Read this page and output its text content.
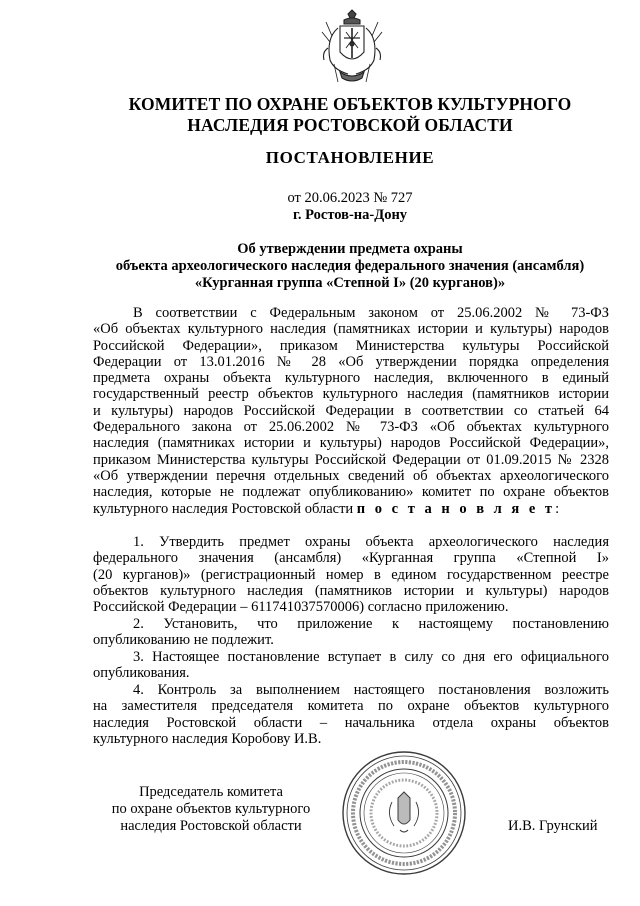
КОМИТЕТ ПО ОХРАНЕ ОБЪЕКТОВ КУЛЬТУРНОГО
НАСЛЕДИЯ РОСТОВСКОЙ ОБЛАСТИ
ПОСТАНОВЛЕНИЕ
от 20.06.2023 № 727
г. Ростов-на-Дону
Об утверждении предмета охраны
объекта археологического наследия федерального значения (ансамбля)
«Курганная группа «Степной I» (20 курганов)»
В соответствии с Федеральным законом от 25.06.2002 № 73-ФЗ
«Об объектах культурного наследия (памятниках истории и культуры) народов
Российской Федерации», приказом Министерства культуры Российской
Федерации от 13.01.2016 № 28 «Об утверждении порядка определения
предмета охраны объекта культурного наследия, включенного в единый
государственный реестр объектов культурного наследия (памятников истории
и культуры) народов Российской Федерации в соответствии со статьей 64
Федерального закона от 25.06.2002 № 73-ФЗ «Об объектах культурного
наследия (памятниках истории и культуры) народов Российской Федерации»,
приказом Министерства культуры Российской Федерации от 01.09.2015 № 2328
«Об утверждении перечня отдельных сведений об объектах археологического
наследия, которые не подлежат опубликованию» комитет по охране объектов
культурного наследия Ростовской области п о с т а н о в л я е т:
1. Утвердить предмет охраны объекта археологического наследия
федерального значения (ансамбля) «Курганная группа «Степной I»
(20 курганов)» (регистрационный номер в едином государственном реестре
объектов культурного наследия (памятников истории и культуры) народов
Российской Федерации – 611741037570006) согласно приложению.
2. Установить, что приложение к настоящему постановлению
опубликованию не подлежит.
3. Настоящее постановление вступает в силу со дня его официального
опубликования.
4. Контроль за выполнением настоящего постановления возложить
на заместителя председателя комитета по охране объектов культурного
наследия Ростовской области – начальника отдела охраны объектов
культурного наследия Коробову И.В.
Председатель комитета
по охране объектов культурного
наследия Ростовской области	И.В. Грунский
